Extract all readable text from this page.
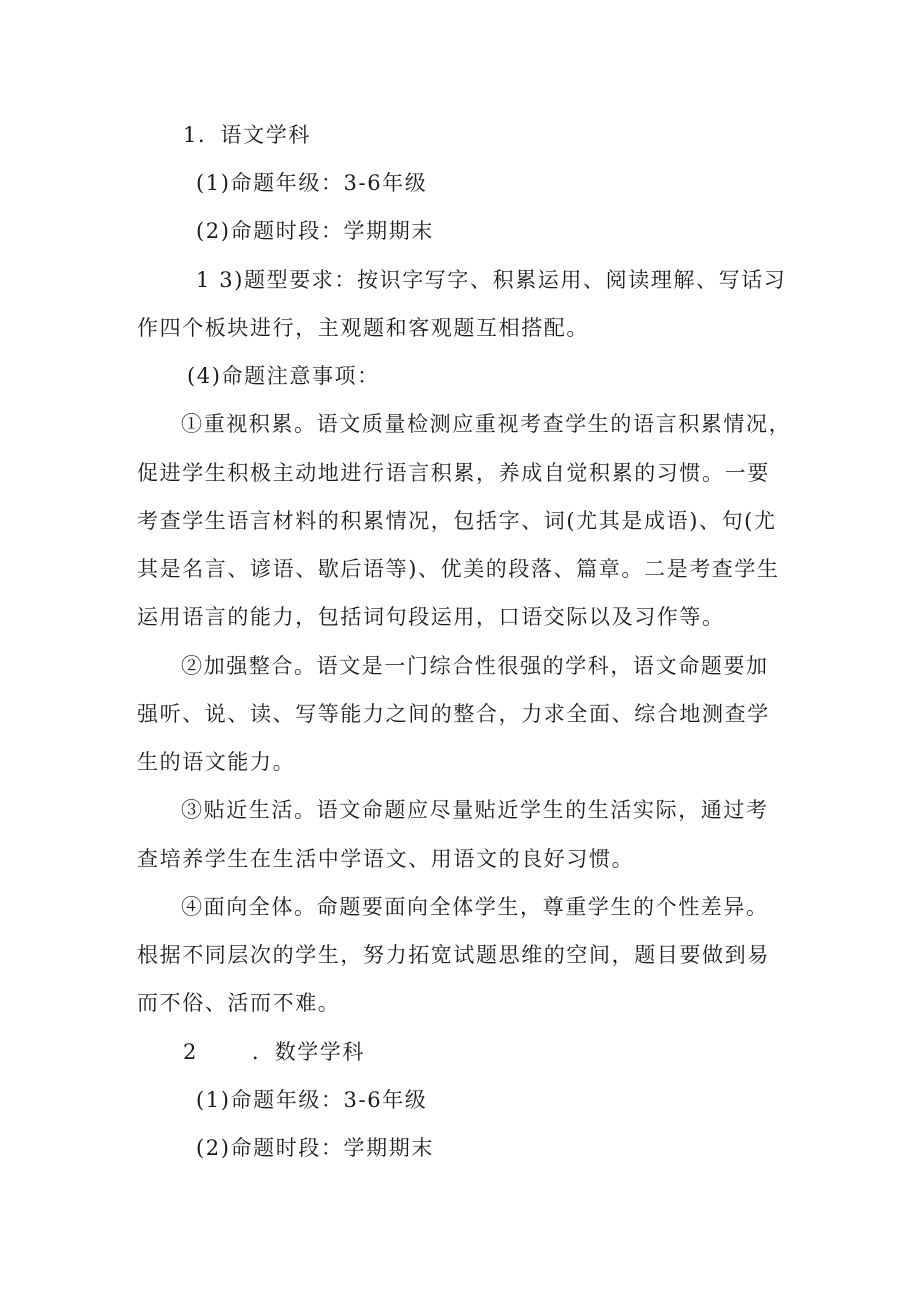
1．语文学科
(1)命题年级：3-6年级
(2)命题时段：学期期末
1 3)题型要求：按识字写字、积累运用、阅读理解、写话习
作四个板块进行，主观题和客观题互相搭配。
(4)命题注意事项：
①重视积累。语文质量检测应重视考查学生的语言积累情况，
促进学生积极主动地进行语言积累，养成自觉积累的习惯。一要
考查学生语言材料的积累情况，包括字、词(尤其是成语)、句(尤
其是名言、谚语、歇后语等)、优美的段落、篇章。二是考查学生
运用语言的能力，包括词句段运用，口语交际以及习作等。
②加强整合。语文是一门综合性很强的学科，语文命题要加
强听、说、读、写等能力之间的整合，力求全面、综合地测查学
生的语文能力。
③贴近生活。语文命题应尽量贴近学生的生活实际，通过考
查培养学生在生活中学语文、用语文的良好习惯。
④面向全体。命题要面向全体学生，尊重学生的个性差异。
根据不同层次的学生，努力拓宽试题思维的空间，题目要做到易
而不俗、活而不难。
2	．数学学科
(1)命题年级：3-6年级
(2)命题时段：学期期末
